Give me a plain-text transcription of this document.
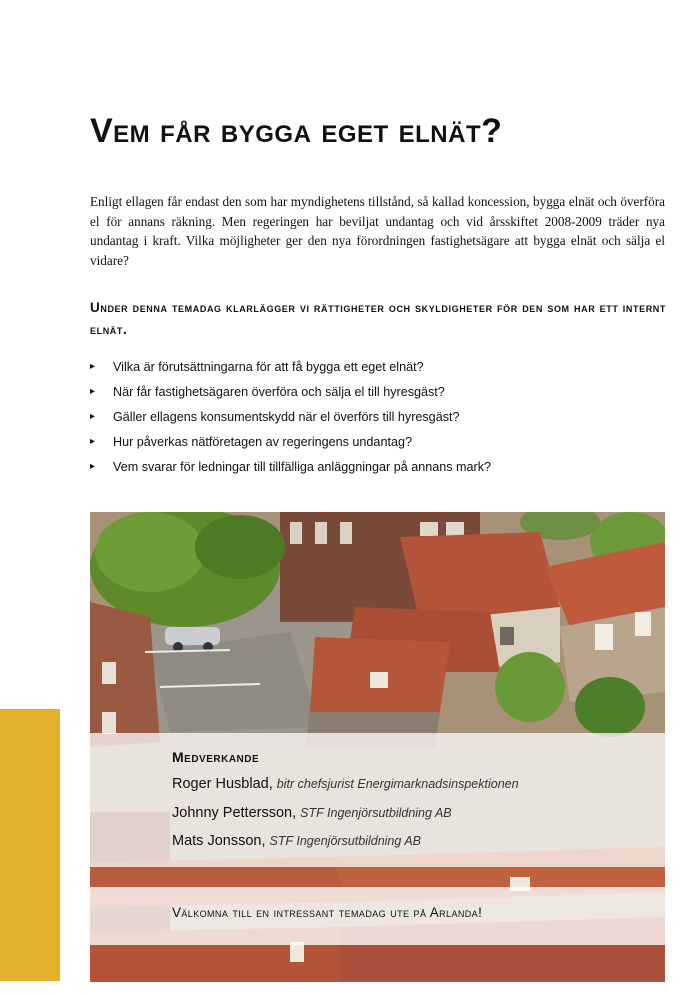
Vem får bygga eget elnät?

Enligt ellagen får endast den som har myndighetens tillstånd, så kallad koncession, bygga elnät och överföra el för annans räkning. Men regeringen har beviljat undantag och vid årsskiftet 2008-2009 träder nya undantag i kraft. Vilka möjligheter ger den nya förordningen fastighetsägare att bygga elnät och sälja el vidare?

Under denna temadag klarlägger vi rättigheter och skyldigheter för den som har ett internt elnät.

▸ Vilka är förutsättningarna för att få bygga ett eget elnät?
▸ När får fastighetsägaren överföra och sälja el till hyresgäst?
▸ Gäller ellagens konsumentskydd när el överförs till hyresgäst?
▸ Hur påverkas nätföretagen av regeringens undantag?
▸ Vem svarar för ledningar till tillfälliga anläggningar på annans mark?

Medverkande

Roger Husblad, bitr chefsjurist Energimarknadsinspektionen
Johnny Pettersson, STF Ingenjörsutbildning AB
Mats Jonsson, STF Ingenjörsutbildning AB

Välkomna till en intressant temadag ute på Arlanda!
